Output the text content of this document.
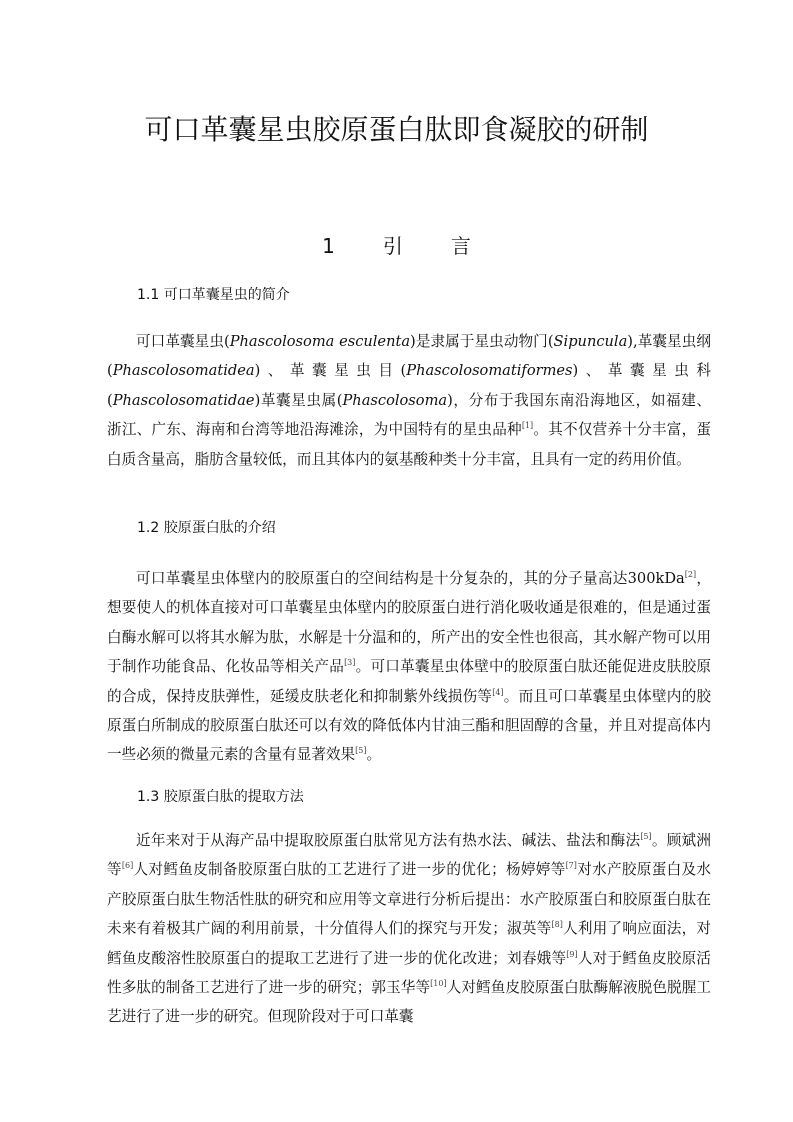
可口革囊星虫胶原蛋白肽即食凝胶的研制
1 引 言
1.1 可口革囊星虫的简介

可口革囊星虫(Phascolosoma esculenta)是隶属于星虫动物门(Sipuncula),革囊星虫纲(Phascolosomatidea)、革囊星虫目(Phascolosomatiformes)、革囊星虫科(Phascolosomatidae)革囊星虫属(Phascolosoma)，分布于我国东南沿海地区，如福建、浙江、广东、海南和台湾等地沿海滩涂，为中国特有的星虫品种[1]。其不仅营养十分丰富，蛋白质含量高，脂肪含量较低，而且其体内的氨基酸种类十分丰富，且具有一定的药用价值。

1.2 胶原蛋白肽的介绍

可口革囊星虫体壁内的胶原蛋白的空间结构是十分复杂的，其的分子量高达300kDa[2]，想要使人的机体直接对可口革囊星虫体壁内的胶原蛋白进行消化吸收通是很难的，但是通过蛋白酶水解可以将其水解为肽，水解是十分温和的，所产出的安全性也很高，其水解产物可以用于制作功能食品、化妆品等相关产品[3]。可口革囊星虫体壁中的胶原蛋白肽还能促进皮肤胶原的合成，保持皮肤弹性，延缓皮肤老化和抑制紫外线损伤等[4]。而且可口革囊星虫体壁内的胶原蛋白所制成的胶原蛋白肽还可以有效的降低体内甘油三酯和胆固醇的含量，并且对提高体内一些必须的微量元素的含量有显著效果[5]。

1.3 胶原蛋白肽的提取方法

近年来对于从海产品中提取胶原蛋白肽常见方法有热水法、碱法、盐法和酶法[5]。顾斌洲等[6]人对鳕鱼皮制备胶原蛋白肽的工艺进行了进一步的优化；杨婷婷等[7]对水产胶原蛋白及水产胶原蛋白肽生物活性肽的研究和应用等文章进行分析后提出：水产胶原蛋白和胶原蛋白肽在未来有着极其广阔的利用前景，十分值得人们的探究与开发；淑英等[8]人利用了响应面法，对鳕鱼皮酸溶性胶原蛋白的提取工艺进行了进一步的优化改进；刘春娥等[9]人对于鳕鱼皮胶原活性多肽的制备工艺进行了进一步的研究；郭玉华等[10]人对鳕鱼皮胶原蛋白肽酶解液脱色脱腥工艺进行了进一步的研究。但现阶段对于可口革囊
